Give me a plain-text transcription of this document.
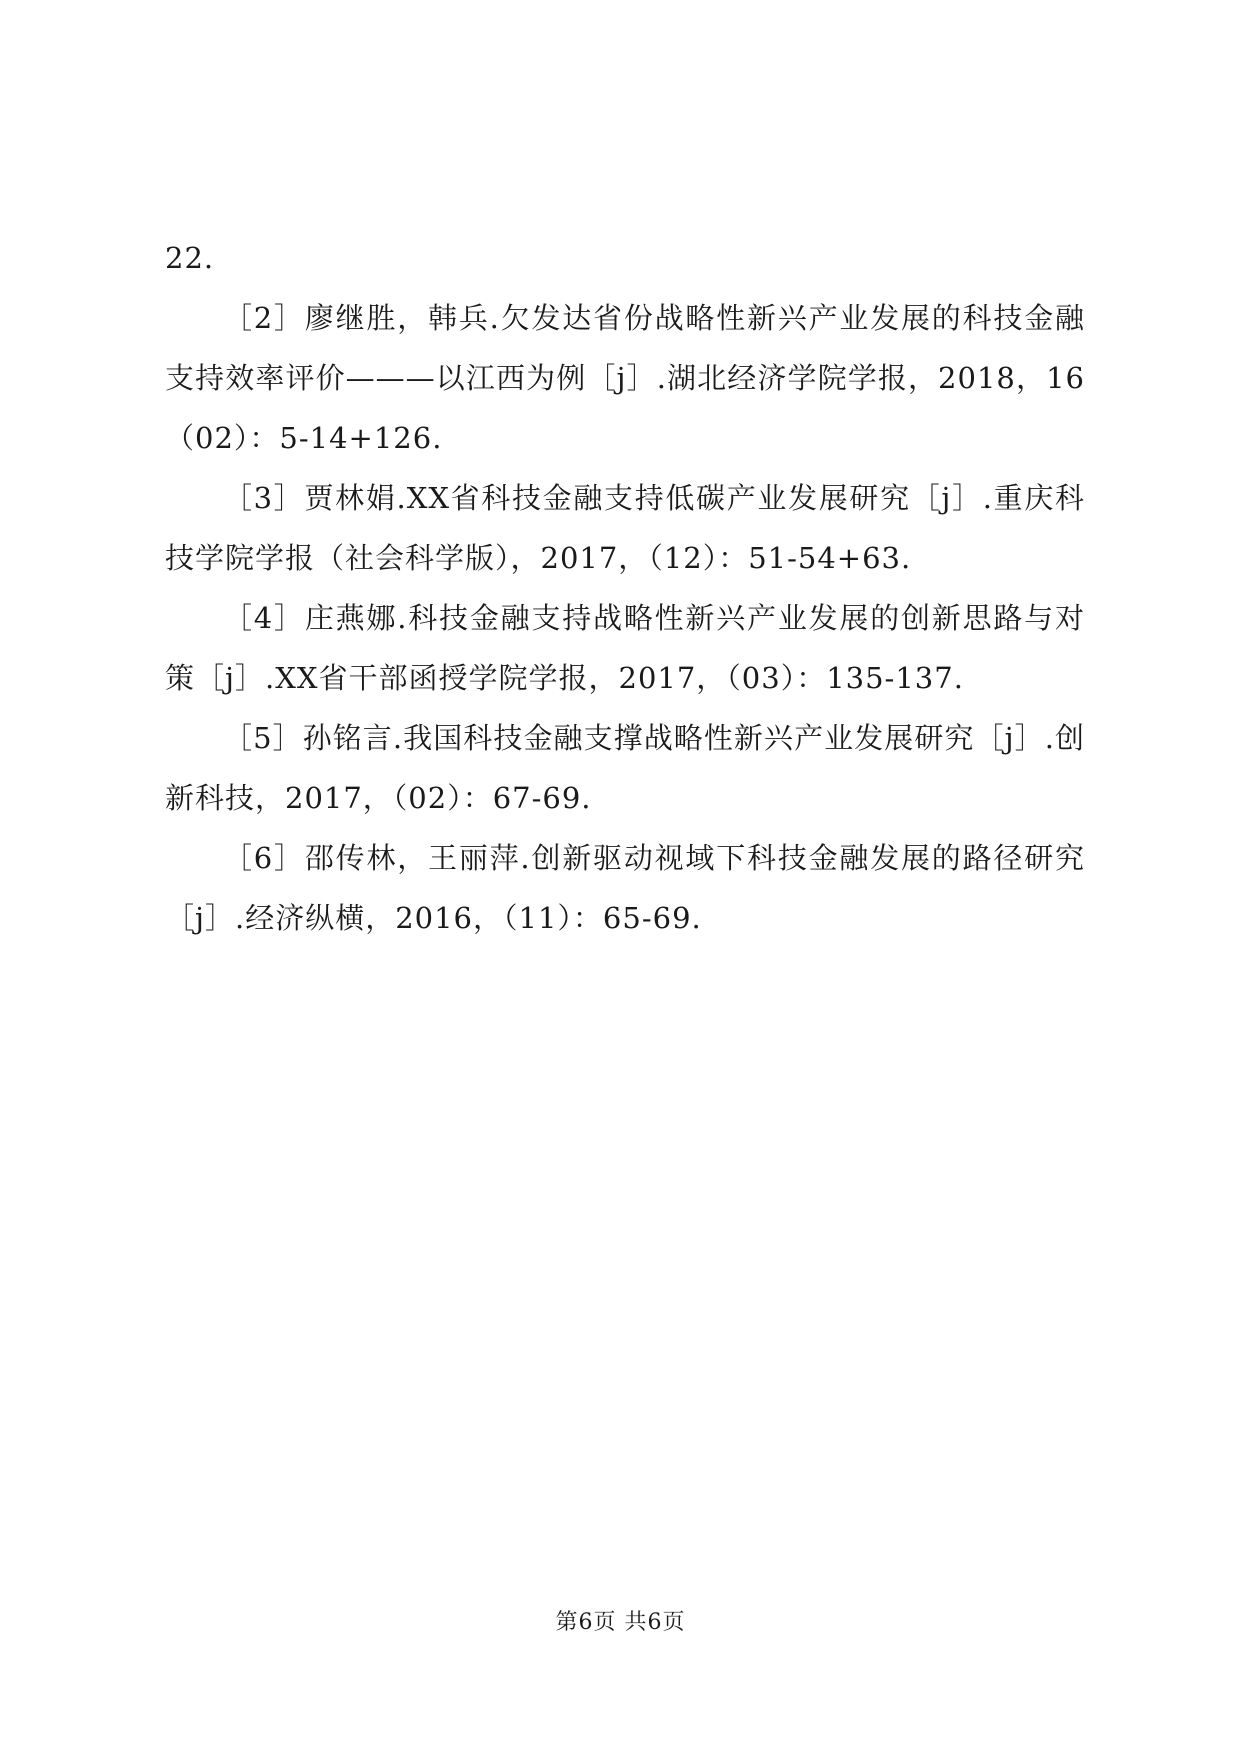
22.

［2］廖继胜，韩兵.欠发达省份战略性新兴产业发展的科技金融支持效率评价———以江西为例［j］.湖北经济学院学报，2018，16（02）：5-14+126.

［3］贾林娟.XX省科技金融支持低碳产业发展研究［j］.重庆科技学院学报（社会科学版），2017，（12）：51-54+63.

［4］庄燕娜.科技金融支持战略性新兴产业发展的创新思路与对策［j］.XX省干部函授学院学报，2017，（03）：135-137.

［5］孙铭言.我国科技金融支撑战略性新兴产业发展研究［j］.创新科技，2017，（02）：67-69.

［6］邵传林，王丽萍.创新驱动视域下科技金融发展的路径研究［j］.经济纵横，2016，（11）：65-69.

第6页 共6页
